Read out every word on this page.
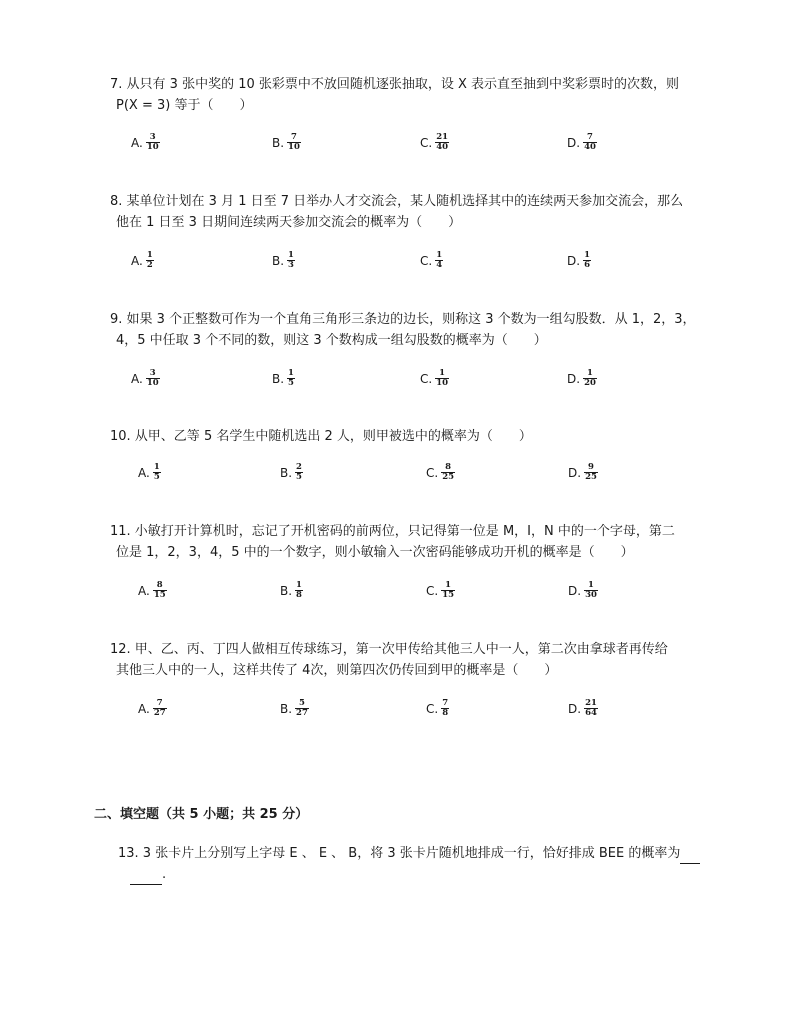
7. 从只有 3 张中奖的 10 张彩票中不放回随机逐张抽取，设 X 表示直至抽到中奖彩票时的次数，则
P(X = 3) 等于（　　）
A. $\frac{3}{10}$	B. $\frac{7}{10}$	C. $\frac{21}{40}$	D. $\frac{7}{40}$
8. 某单位计划在 3 月 1 日至 7 日举办人才交流会，某人随机选择其中的连续两天参加交流会，那么
他在 1 日至 3 日期间连续两天参加交流会的概率为（　　）
A. $\frac{1}{2}$	B. $\frac{1}{3}$	C. $\frac{1}{4}$	D. $\frac{1}{6}$
9. 如果 3 个正整数可作为一个直角三角形三条边的边长，则称这 3 个数为一组勾股数．从 1，2，3，
4，5 中任取 3 个不同的数，则这 3 个数构成一组勾股数的概率为（　　）
A. $\frac{3}{10}$	B. $\frac{1}{5}$	C. $\frac{1}{10}$	D. $\frac{1}{20}$
10. 从甲、乙等 5 名学生中随机选出 2 人，则甲被选中的概率为（　　）
A. $\frac{1}{5}$	B. $\frac{2}{5}$	C. $\frac{8}{25}$	D. $\frac{9}{25}$
11. 小敏打开计算机时，忘记了开机密码的前两位，只记得第一位是 M，I，N 中的一个字母，第二
位是 1，2，3，4，5 中的一个数字，则小敏输入一次密码能够成功开机的概率是（　　）
A. $\frac{8}{15}$	B. $\frac{1}{8}$	C. $\frac{1}{15}$	D. $\frac{1}{30}$
12. 甲、乙、丙、丁四人做相互传球练习，第一次甲传给其他三人中一人，第二次由拿球者再传给
其他三人中的一人，这样共传了 4次，则第四次仍传回到甲的概率是（　　）
A. $\frac{7}{27}$	B. $\frac{5}{27}$	C. $\frac{7}{8}$	D. $\frac{21}{64}$
二、填空题（共 5 小题；共 25 分）
13. 3 张卡片上分别写上字母 E 、 E 、 B，将 3 张卡片随机地排成一行，恰好排成 BEE 的概率为
.
